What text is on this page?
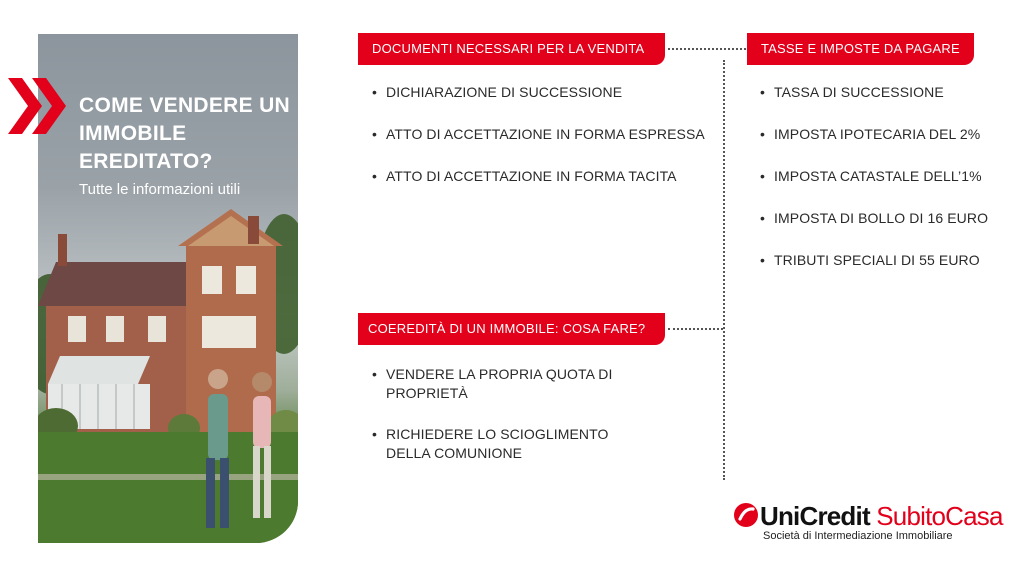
COME VENDERE UN IMMOBILE EREDITATO?
Tutte le informazioni utili
DOCUMENTI NECESSARI PER LA VENDITA
• DICHIARAZIONE DI SUCCESSIONE
• ATTO DI ACCETTAZIONE IN FORMA ESPRESSA
• ATTO DI ACCETTAZIONE IN FORMA TACITA
TASSE E IMPOSTE DA PAGARE
• TASSA DI SUCCESSIONE
• IMPOSTA IPOTECARIA DEL 2%
• IMPOSTA CATASTALE DELL’1%
• IMPOSTA DI BOLLO DI 16 EURO
• TRIBUTI SPECIALI DI 55 EURO
COEREDITÀ DI UN IMMOBILE: COSA FARE?
• VENDERE LA PROPRIA QUOTA DI PROPRIETÀ
• RICHIEDERE LO SCIOGLIMENTO DELLA COMUNIONE
UniCredit SubitoCasa
Società di Intermediazione Immobiliare
